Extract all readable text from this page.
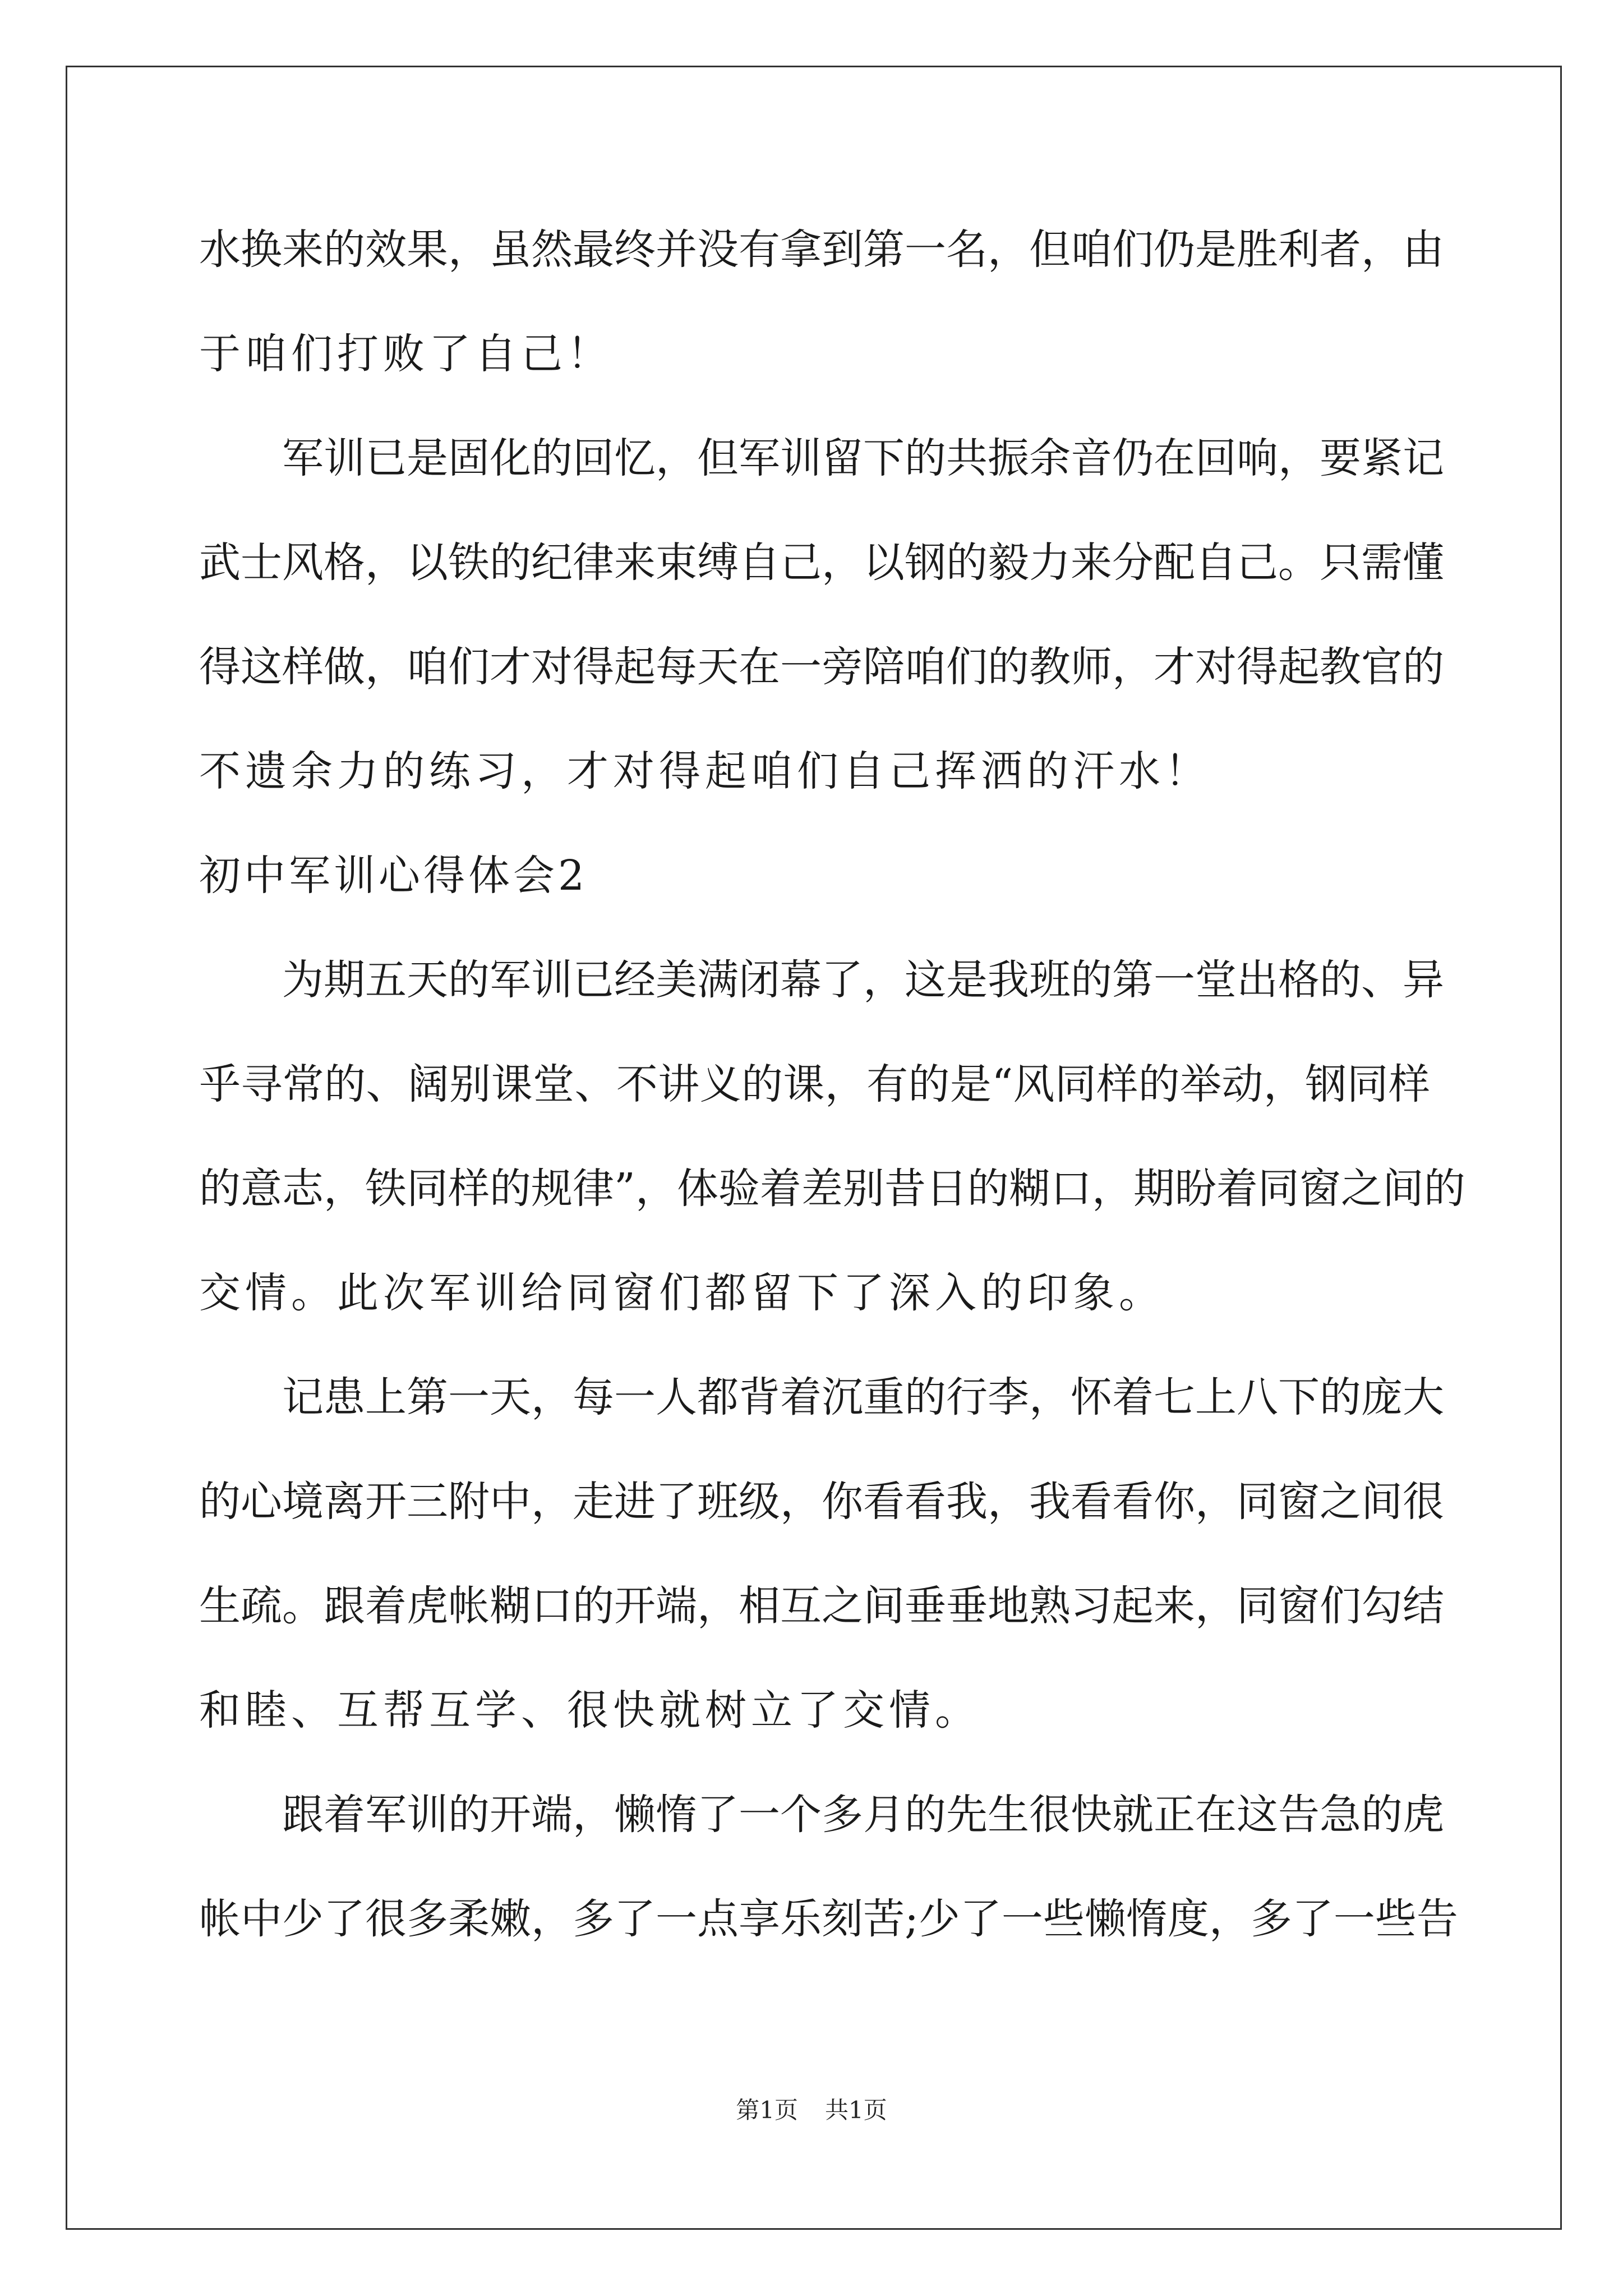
水换来的效果，虽然最终并没有拿到第一名，但咱们仍是胜利者，由
于咱们打败了自己！
军训已是固化的回忆，但军训留下的共振余音仍在回响，要紧记
武士风格，以铁的纪律来束缚自己，以钢的毅力来分配自己。只需懂
得这样做，咱们才对得起每天在一旁陪咱们的教师，才对得起教官的
不遗余力的练习，才对得起咱们自己挥洒的汗水！
初中军训心得体会2
为期五天的军训已经美满闭幕了，这是我班的第一堂出格的、异
乎寻常的、阔别课堂、不讲义的课，有的是“风同样的举动，钢同样
的意志，铁同样的规律”，体验着差别昔日的糊口，期盼着同窗之间的
交情。此次军训给同窗们都留下了深入的印象。
记患上第一天，每一人都背着沉重的行李，怀着七上八下的庞大
的心境离开三附中，走进了班级，你看看我，我看看你，同窗之间很
生疏。跟着虎帐糊口的开端，相互之间垂垂地熟习起来，同窗们勾结
和睦、互帮互学、很快就树立了交情。
跟着军训的开端，懒惰了一个多月的先生很快就正在这告急的虎
帐中少了很多柔嫩，多了一点享乐刻苦;少了一些懒惰度，多了一些告
第1页 共1页
